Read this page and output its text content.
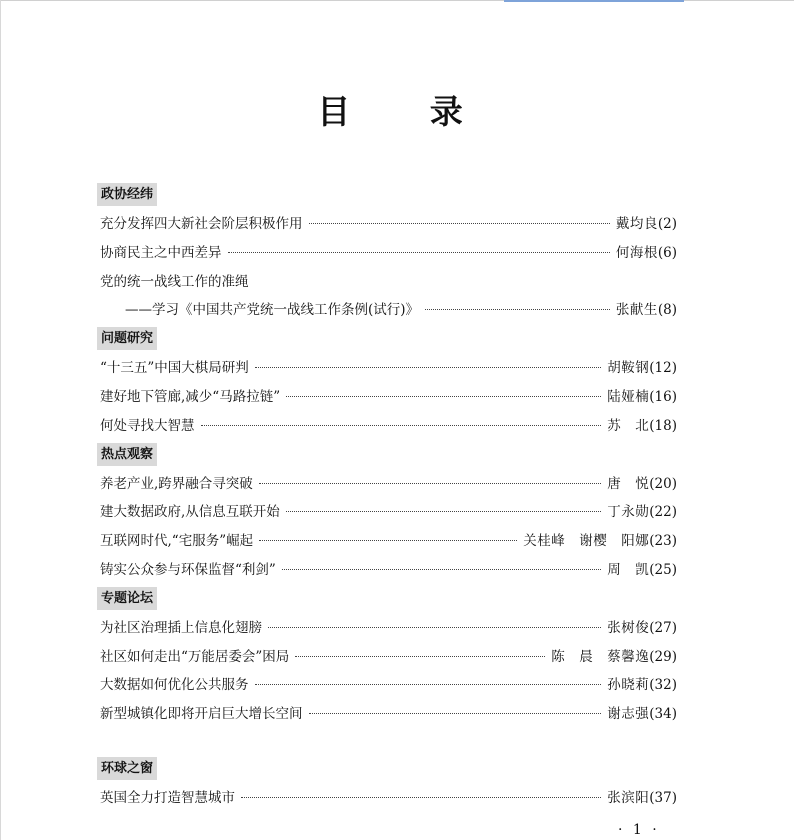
目 录
政协经纬
充分发挥四大新社会阶层积极作用	戴均良 (2)
协商民主之中西差异	何海根 (6)
党的统一战线工作的准绳
——学习《中国共产党统一战线工作条例(试行)》	张献生 (8)
问题研究
“十三五”中国大棋局研判	胡鞍钢 (12)
建好地下管廊,减少“马路拉链”	陆娅楠 (16)
何处寻找大智慧	苏　北 (18)
热点观察
养老产业,跨界融合寻突破	唐　悦 (20)
建大数据政府,从信息互联开始	丁永勋 (22)
互联网时代,“宅服务”崛起	关桂峰　谢樱　阳娜 (23)
铸实公众参与环保监督“利剑”	周　凯 (25)
专题论坛
为社区治理插上信息化翅膀	张树俊 (27)
社区如何走出“万能居委会”困局	陈　晨　蔡馨逸 (29)
大数据如何优化公共服务	孙晓莉 (32)
新型城镇化即将开启巨大增长空间	谢志强 (34)
环球之窗
英国全力打造智慧城市	张滨阳 (37)
· 1 ·
